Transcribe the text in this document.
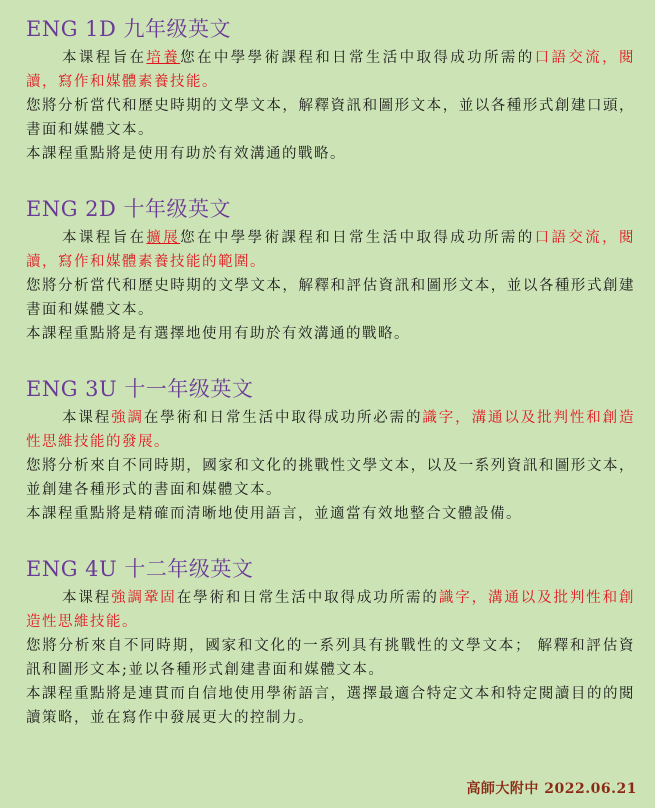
ENG 1D 九年级英文

本课程旨在培養您在中學學術課程和日常生活中取得成功所需的口語交流，閱讀，寫作和媒體素養技能。

您將分析當代和歷史時期的文學文本，解釋資訊和圖形文本，並以各種形式創建口頭，書面和媒體文本。

本課程重點將是使用有助於有效溝通的戰略。

ENG 2D 十年级英文

本课程旨在擴展您在中學學術課程和日常生活中取得成功所需的口語交流，閱讀，寫作和媒體素養技能的範圍。

您將分析當代和歷史時期的文學文本，解釋和評估資訊和圖形文本，並以各種形式創建書面和媒體文本。

本課程重點將是有選擇地使用有助於有效溝通的戰略。

ENG 3U 十一年级英文

本课程強調在學術和日常生活中取得成功所必需的識字，溝通以及批判性和創造性思維技能的發展。

您將分析來自不同時期，國家和文化的挑戰性文學文本，以及一系列資訊和圖形文本，並創建各種形式的書面和媒體文本。

本課程重點將是精確而清晰地使用語言，並適當有效地整合文體設備。

ENG 4U 十二年级英文

本课程強調鞏固在學術和日常生活中取得成功所需的識字，溝通以及批判性和創造性思維技能。

您將分析來自不同時期，國家和文化的一系列具有挑戰性的文學文本； 解釋和評估資訊和圖形文本;並以各種形式創建書面和媒體文本。

本課程重點將是連貫而自信地使用學術語言，選擇最適合特定文本和特定閱讀目的的閱讀策略，並在寫作中發展更大的控制力。

高師大附中 2022.06.21
